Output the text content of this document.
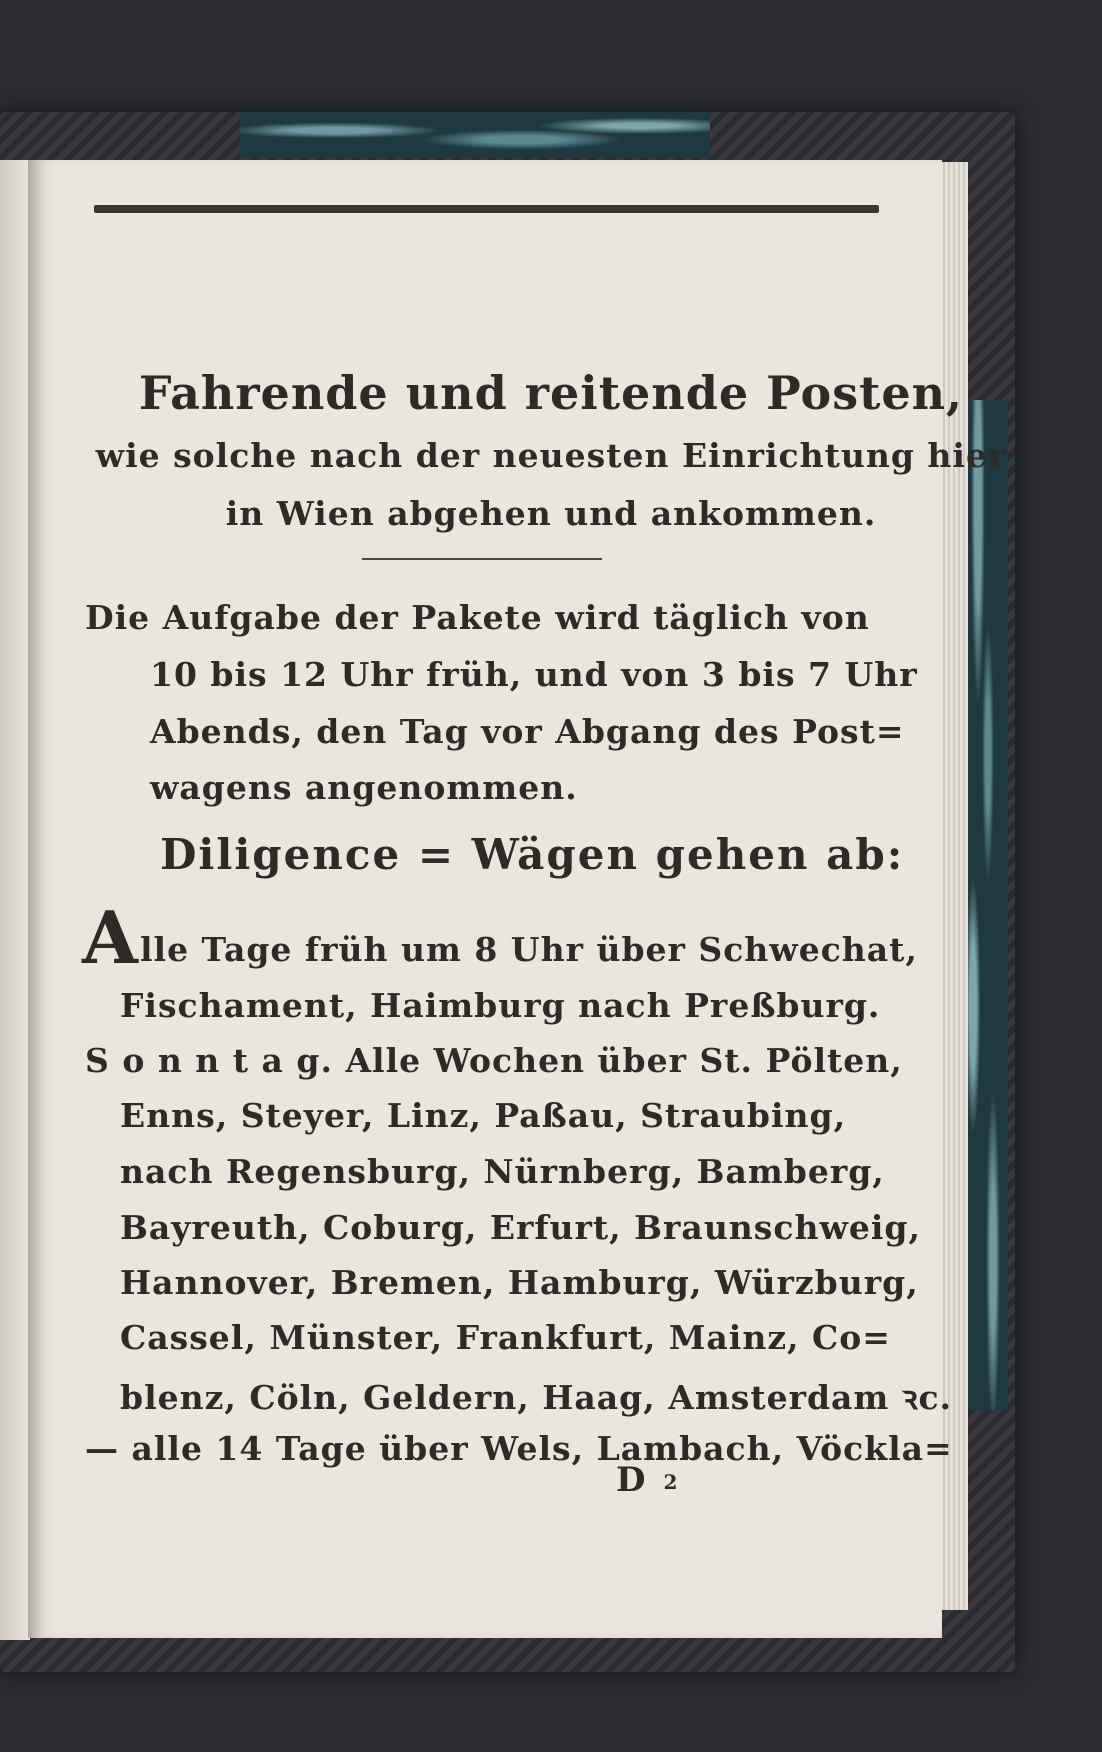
Fahrende und reitende Posten,
wie solche nach der neuesten Einrichtung hier
in Wien abgehen und ankommen.
Die Aufgabe der Pakete wird täglich von
10 bis 12 Uhr früh, und von 3 bis 7 Uhr
Abends, den Tag vor Abgang des Post=
wagens angenommen.
Diligence = Wägen gehen ab:
A lle Tage früh um 8 Uhr über Schwechat,
Fischament, Haimburg nach Preßburg.
S o n n t a g. Alle Wochen über St. Pölten,
Enns, Steyer, Linz, Paßau, Straubing,
nach Regensburg, Nürnberg, Bamberg,
Bayreuth, Coburg, Erfurt, Braunschweig,
Hannover, Bremen, Hamburg, Würzburg,
Cassel, Münster, Frankfurt, Mainz, Co=
blenz, Cöln, Geldern, Haag, Amsterdam ꝛc.
— alle 14 Tage über Wels, Lambach, Vöckla=
D 2
